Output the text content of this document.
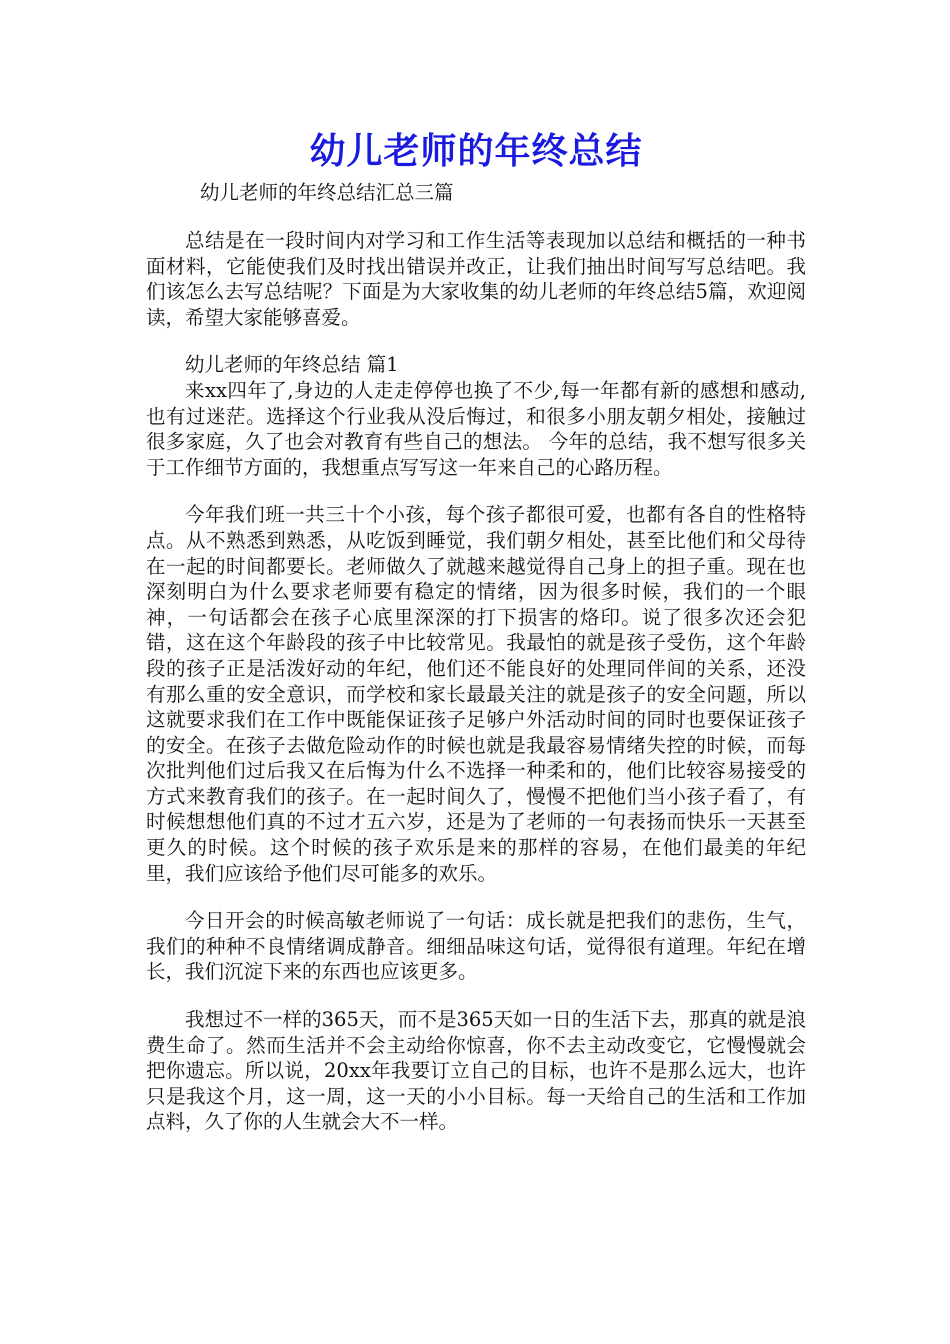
幼儿老师的年终总结
幼儿老师的年终总结汇总三篇

总结是在一段时间内对学习和工作生活等表现加以总结和概括的一种书面材料，它能使我们及时找出错误并改正，让我们抽出时间写写总结吧。我们该怎么去写总结呢？下面是为大家收集的幼儿老师的年终总结5篇，欢迎阅读，希望大家能够喜爱。

幼儿老师的年终总结 篇1

来xx四年了,身边的人走走停停也换了不少,每一年都有新的感想和感动,也有过迷茫。选择这个行业我从没后悔过，和很多小朋友朝夕相处，接触过很多家庭，久了也会对教育有些自己的想法。 今年的总结，我不想写很多关于工作细节方面的，我想重点写写这一年来自己的心路历程。

今年我们班一共三十个小孩，每个孩子都很可爱，也都有各自的性格特点。从不熟悉到熟悉，从吃饭到睡觉，我们朝夕相处，甚至比他们和父母待在一起的时间都要长。老师做久了就越来越觉得自己身上的担子重。现在也深刻明白为什么要求老师要有稳定的情绪，因为很多时候，我们的一个眼神，一句话都会在孩子心底里深深的打下损害的烙印。说了很多次还会犯错，这在这个年龄段的孩子中比较常见。我最怕的就是孩子受伤，这个年龄段的孩子正是活泼好动的年纪，他们还不能良好的处理同伴间的关系，还没有那么重的安全意识，而学校和家长最最关注的就是孩子的安全问题，所以这就要求我们在工作中既能保证孩子足够户外活动时间的同时也要保证孩子的安全。在孩子去做危险动作的时候也就是我最容易情绪失控的时候，而每次批判他们过后我又在后悔为什么不选择一种柔和的，他们比较容易接受的方式来教育我们的孩子。在一起时间久了，慢慢不把他们当小孩子看了，有时候想想他们真的不过才五六岁，还是为了老师的一句表扬而快乐一天甚至更久的时候。这个时候的孩子欢乐是来的那样的容易，在他们最美的年纪里，我们应该给予他们尽可能多的欢乐。

今日开会的时候高敏老师说了一句话：成长就是把我们的悲伤，生气，我们的种种不良情绪调成静音。细细品味这句话，觉得很有道理。年纪在增长，我们沉淀下来的东西也应该更多。

我想过不一样的365天，而不是365天如一日的生活下去，那真的就是浪费生命了。然而生活并不会主动给你惊喜，你不去主动改变它，它慢慢就会把你遗忘。所以说，20xx年我要订立自己的目标，也许不是那么远大，也许只是我这个月，这一周，这一天的小小目标。每一天给自己的生活和工作加点料，久了你的人生就会大不一样。
